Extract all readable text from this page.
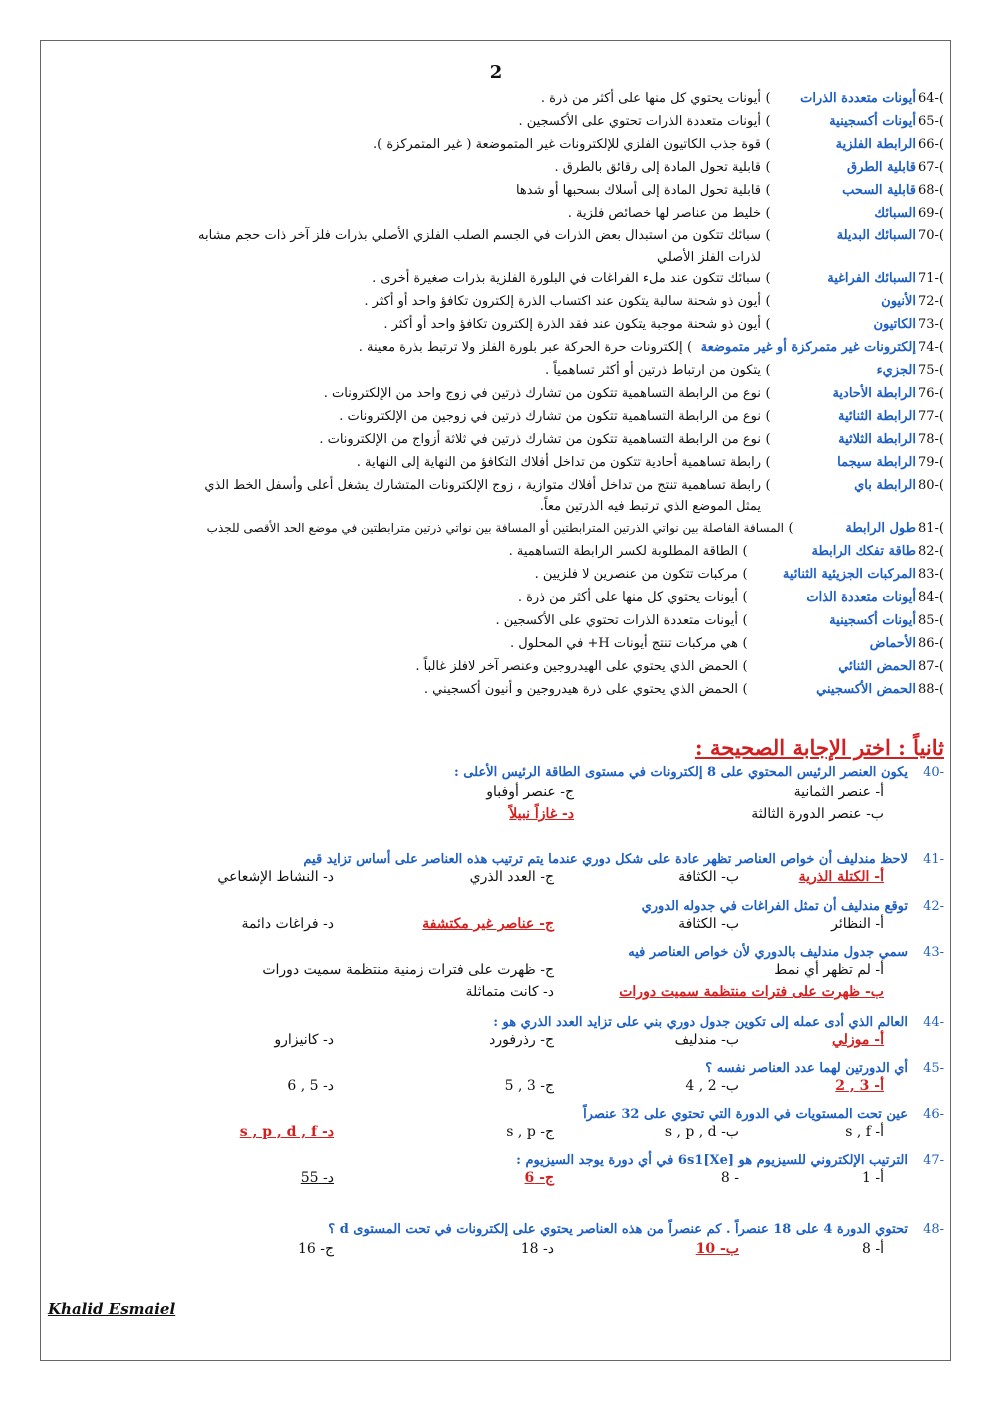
2
64 -(
أيونات متعددة الذرات
)
أيونات يحتوي كل منها على أكثر من ذرة .
65 -(
أيونات أكسجينية
)
أيونات متعددة الذرات تحتوي على الأكسجين .
66 -(
الرابطة الفلزية
)
قوة جذب الكاتيون الفلزي للإلكترونات غير المتموضعة ( غير المتمركزة ).
67 -(
قابلية الطرق
)
قابلية تحول المادة إلى رقائق بالطرق .
68 -(
قابلية السحب
)
قابلية تحول المادة إلى أسلاك بسحبها أو شدها
69 -(
السبائك
)
خليط من عناصر لها خصائص فلزية .
70 -(
السبائك البديلة
)
سبائك تتكون من استبدال بعض الذرات في الجسم الصلب الفلزي الأصلي بذرات فلز آخر ذات حجم مشابه
لذرات الفلز الأصلي
71 -(
السبائك الفراغية
)
سبائك تتكون عند ملء الفراغات في البلورة الفلزية بذرات صغيرة أخرى .
72 -(
الأنيون
)
أيون ذو شحنة سالبة يتكون عند اكتساب الذرة إلكترون تكافؤ واحد أو أكثر .
73 -(
الكاتيون
)
أيون ذو شحنة موجبة يتكون عند فقد الذرة إلكترون تكافؤ واحد أو أكثر .
74 -(
إلكترونات غير متمركزة أو غير متموضعة
)
إلكترونات حرة الحركة عبر بلورة الفلز ولا ترتبط بذرة معينة .
75 -(
الجزيء
)
يتكون من ارتباط ذرتين أو أكثر تساهمياً .
76 -(
الرابطة الأحادية
)
نوع من الرابطة التساهمية تتكون من تشارك ذرتين في زوج واحد من الإلكترونات .
77 -(
الرابطة الثنائية
)
نوع من الرابطة التساهمية تتكون من تشارك ذرتين في زوجين من الإلكترونات .
78 -(
الرابطة الثلاثية
)
نوع من الرابطة التساهمية تتكون من تشارك ذرتين في ثلاثة أزواج من الإلكترونات .
79 -(
الرابطة سيجما
)
رابطة تساهمية أحادية تتكون من تداخل أفلاك التكافؤ من النهاية إلى النهاية .
80 -(
الرابطة باي
)
رابطة تساهمية تنتج من تداخل أفلاك متوازية ، زوج الإلكترونات المتشارك يشغل أعلى وأسفل الخط الذي
يمثل الموضع الذي ترتبط فيه الذرتين معاً.
81 -(
طول الرابطة
)
المسافة الفاصلة بين نواتي الذرتين المترابطتين أو المسافة بين نواتي ذرتين مترابطتين في موضع الحد الأقصى للجذب
82 -(
طاقة تفكك الرابطة
)
الطاقة المطلوبة لكسر الرابطة التساهمية .
83 -(
المركبات الجزيئية الثنائية
)
مركبات تتكون من عنصرين لا فلزيين .
84 -(
أيونات متعددة الذات
)
أيونات يحتوي كل منها على أكثر من ذرة .
85 -(
أيونات أكسجينية
)
أيونات متعددة الذرات تحتوي على الأكسجين .
86 -(
الأحماض
)
هي مركبات تنتج أيونات H+ في المحلول .
87 -(
الحمض الثنائي
)
الحمض الذي يحتوي على الهيدروجين وعنصر آخر لافلز غالباً .
88 -(
الحمض الأكسجيني
)
الحمض الذي يحتوي على ذرة هيدروجين و أنيون أكسجيني .
ثانياً : اختر الإجابة الصحيحة :
40-
يكون العنصر الرئيس المحتوي على 8 إلكترونات في مستوى الطاقة الرئيس الأعلى :
أ- عنصر الثمانية
ج- عنصر أوفباو
ب- عنصر الدورة الثالثة
د- غازاً نبيلاً
41-
لاحظ مندليف أن خواص العناصر تظهر عادة على شكل دوري عندما يتم ترتيب هذه العناصر على أساس تزايد قيم
أ- الكتلة الذرية
ب- الكثافة
ج- العدد الذري
د- النشاط الإشعاعي
42-
توقع مندليف أن تمثل الفراغات في جدوله الدوري
أ- النظائر
ب- الكثافة
ج- عناصر غير مكتشفة
د- فراغات دائمة
43-
سمي جدول مندليف بالدوري لأن خواص العناصر فيه
أ- لم تظهر أي نمط
ج- ظهرت على فترات زمنية منتظمة سميت دورات
ب- ظهرت على فترات منتظمة سميت دورات
د- كانت متماثلة
44-
العالم الذي أدى عمله إلى تكوين جدول دوري بني على تزايد العدد الذري هو :
أ- موزلي
ب- مندليف
ج- رذرفورد
د- كانيزارو
45-
أي الدورتين لهما عدد العناصر نفسه ؟
أ- 3 , 2
ب- 2 , 4
ج- 3 , 5
د- 5 , 6
46-
عين تحت المستويات في الدورة التي تحتوي على 32 عنصراً
أ- s , f
ب- s , p , d
ج- s , p
د- s , p , d , f
47-
الترتيب الإلكتروني للسيزيوم هو [Xe]6s1 في أي دورة يوجد السيزيوم :
أ- 1
- 8
ج- 6
د- 55
48-
تحتوي الدورة 4 على 18 عنصراً . كم عنصراً من هذه العناصر يحتوي على إلكترونات في تحت المستوى d ؟
أ- 8
ب- 10
د- 18
ج- 16
Khalid Esmaiel
